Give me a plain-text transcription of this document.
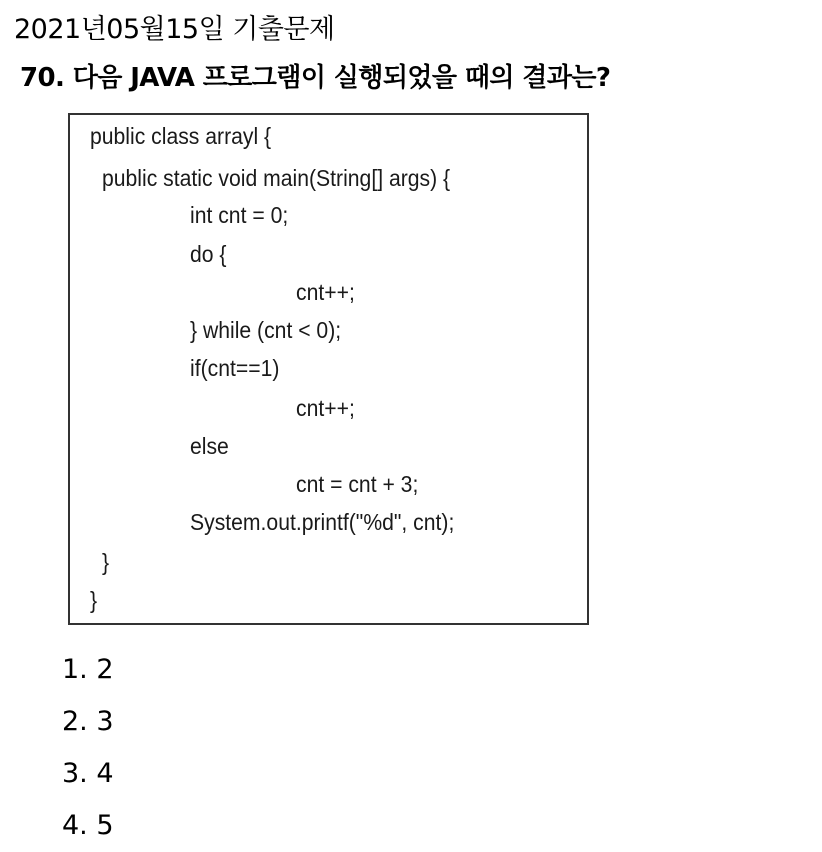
2021년05월15일 기출문제
70. 다음 JAVA 프로그램이 실행되었을 때의 결과는?
public class arrayl {
public static void main(String[] args) {
int cnt = 0;
do {
cnt++;
} while (cnt < 0);
if(cnt==1)
cnt++;
else
cnt = cnt + 3;
System.out.printf("%d", cnt);
}
}
1. 2
2. 3
3. 4
4. 5
